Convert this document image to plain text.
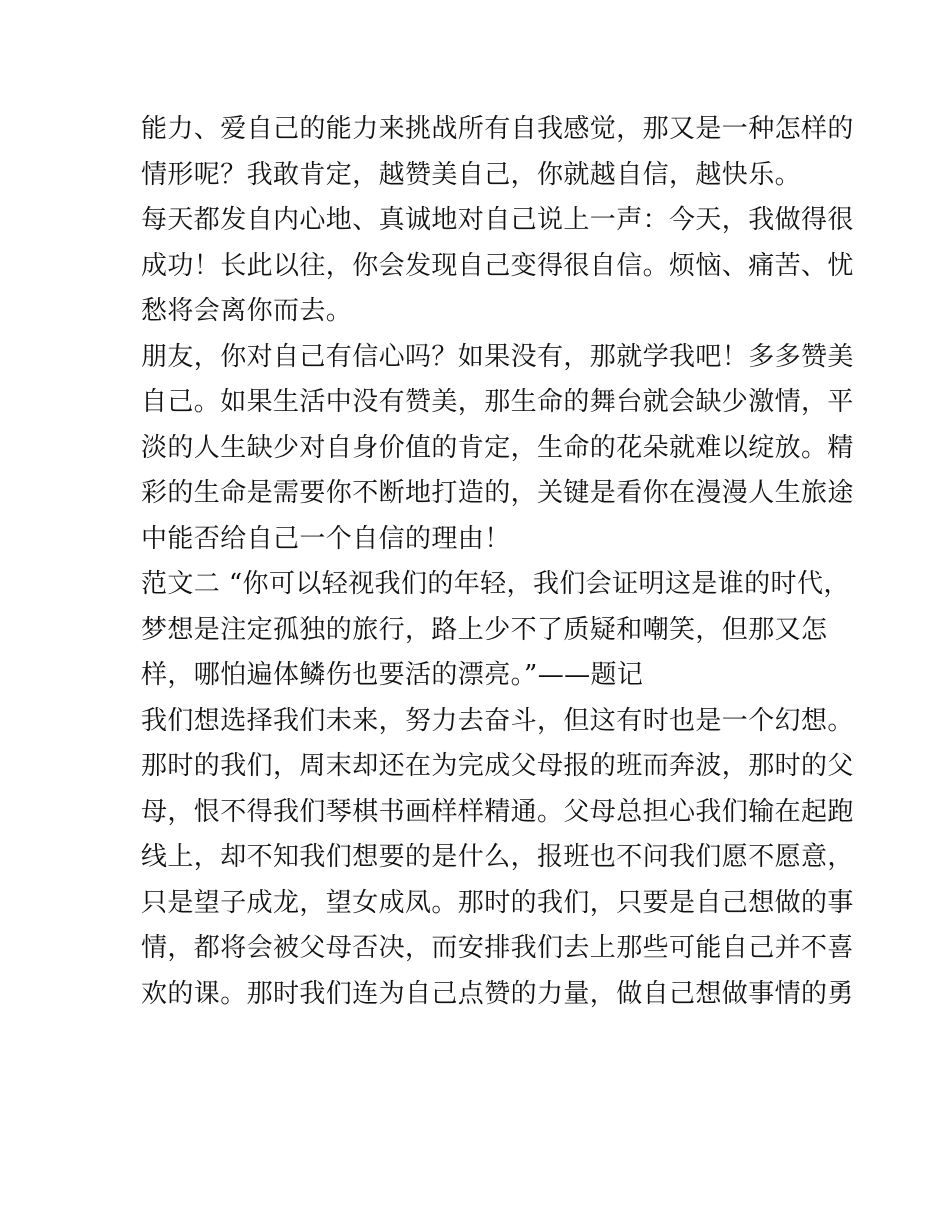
能力、爱自己的能力来挑战所有自我感觉，那又是一种怎样的
情形呢？我敢肯定，越赞美自己，你就越自信，越快乐。
每天都发自内心地、真诚地对自己说上一声：今天，我做得很
成功！长此以往，你会发现自己变得很自信。烦恼、痛苦、忧
愁将会离你而去。
朋友，你对自己有信心吗？如果没有，那就学我吧！多多赞美
自己。如果生活中没有赞美，那生命的舞台就会缺少激情，平
淡的人生缺少对自身价值的肯定，生命的花朵就难以绽放。精
彩的生命是需要你不断地打造的，关键是看你在漫漫人生旅途
中能否给自己一个自信的理由！
范文二 “你可以轻视我们的年轻，我们会证明这是谁的时代，
梦想是注定孤独的旅行，路上少不了质疑和嘲笑，但那又怎
样，哪怕遍体鳞伤也要活的漂亮。”——题记
我们想选择我们未来，努力去奋斗，但这有时也是一个幻想。
那时的我们，周末却还在为完成父母报的班而奔波，那时的父
母，恨不得我们琴棋书画样样精通。父母总担心我们输在起跑
线上，却不知我们想要的是什么，报班也不问我们愿不愿意，
只是望子成龙，望女成凤。那时的我们，只要是自己想做的事
情，都将会被父母否决，而安排我们去上那些可能自己并不喜
欢的课。那时我们连为自己点赞的力量，做自己想做事情的勇
